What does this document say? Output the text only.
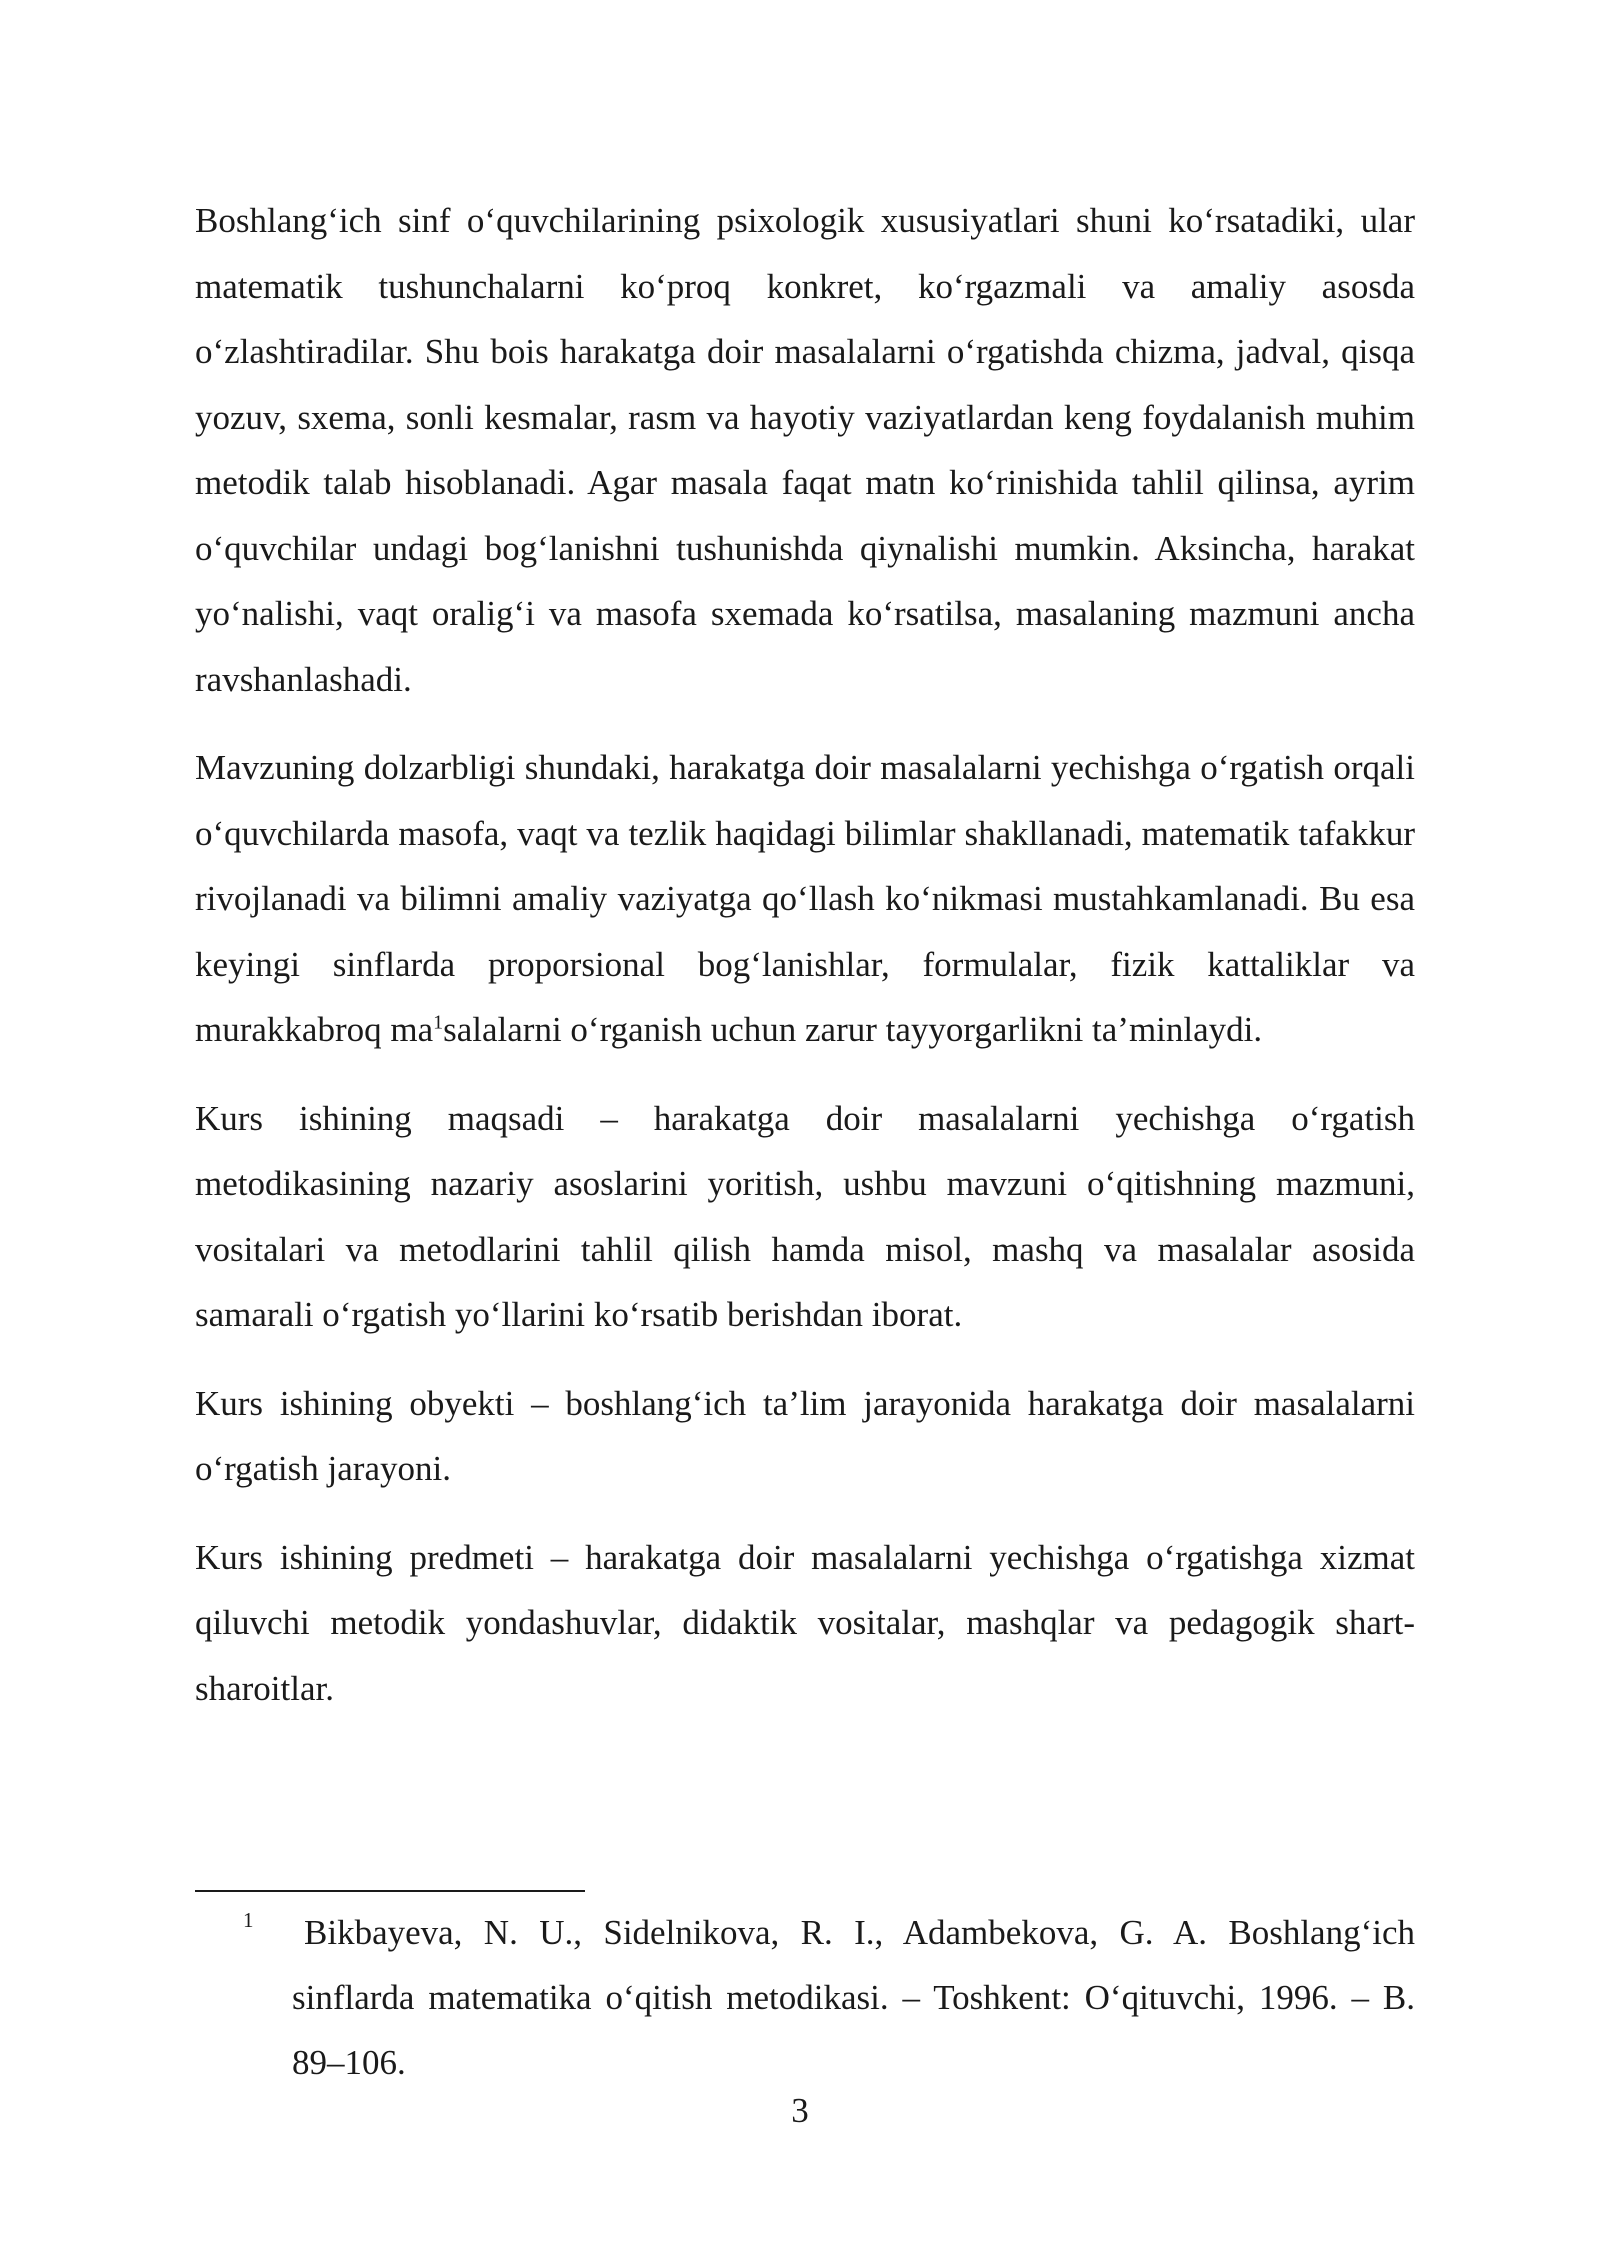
Boshlang‘ich sinf o‘quvchilarining psixologik xususiyatlari shuni ko‘rsatadiki, ular matematik tushunchalarni ko‘proq konkret, ko‘rgazmali va amaliy asosda o‘zlashtiradilar. Shu bois harakatga doir masalalarni o‘rgatishda chizma, jadval, qisqa yozuv, sxema, sonli kesmalar, rasm va hayotiy vaziyatlardan keng foydalanish muhim metodik talab hisoblanadi. Agar masala faqat matn ko‘rinishida tahlil qilinsa, ayrim o‘quvchilar undagi bog‘lanishni tushunishda qiynalishi mumkin. Aksincha, harakat yo‘nalishi, vaqt oralig‘i va masofa sxemada ko‘rsatilsa, masalaning mazmuni ancha ravshanlashadi.

Mavzuning dolzarbligi shundaki, harakatga doir masalalarni yechishga o‘rgatish orqali o‘quvchilarda masofa, vaqt va tezlik haqidagi bilimlar shakllanadi, matematik tafakkur rivojlanadi va bilimni amaliy vaziyatga qo‘llash ko‘nikmasi mustahkamlanadi. Bu esa keyingi sinflarda proporsional bog‘lanishlar, formulalar, fizik kattaliklar va murakkabroq $ma^1salalarni$ o‘rganish uchun zarur tayyorgarlikni ta’minlaydi.

Kurs ishining maqsadi – harakatga doir masalalarni yechishga o‘rgatish metodikasining nazariy asoslarini yoritish, ushbu mavzuni o‘qitishning mazmuni, vositalari va metodlarini tahlil qilish hamda misol, mashq va masalalar asosida samarali o‘rgatish yo‘llarini ko‘rsatib berishdan iborat.

Kurs ishining obyekti – boshlang‘ich ta’lim jarayonida harakatga doir masalalarni o‘rgatish jarayoni.

Kurs ishining predmeti – harakatga doir masalalarni yechishga o‘rgatishga xizmat qiluvchi metodik yondashuvlar, didaktik vositalar, mashqlar va pedagogik shart-sharoitlar.

1	Bikbayeva, N. U., Sidelnikova, R. I., Adambekova, G. A. Boshlang‘ich sinflarda matematika o‘qitish metodikasi. – Toshkent: O‘qituvchi, 1996. – B. 89–106.

3
